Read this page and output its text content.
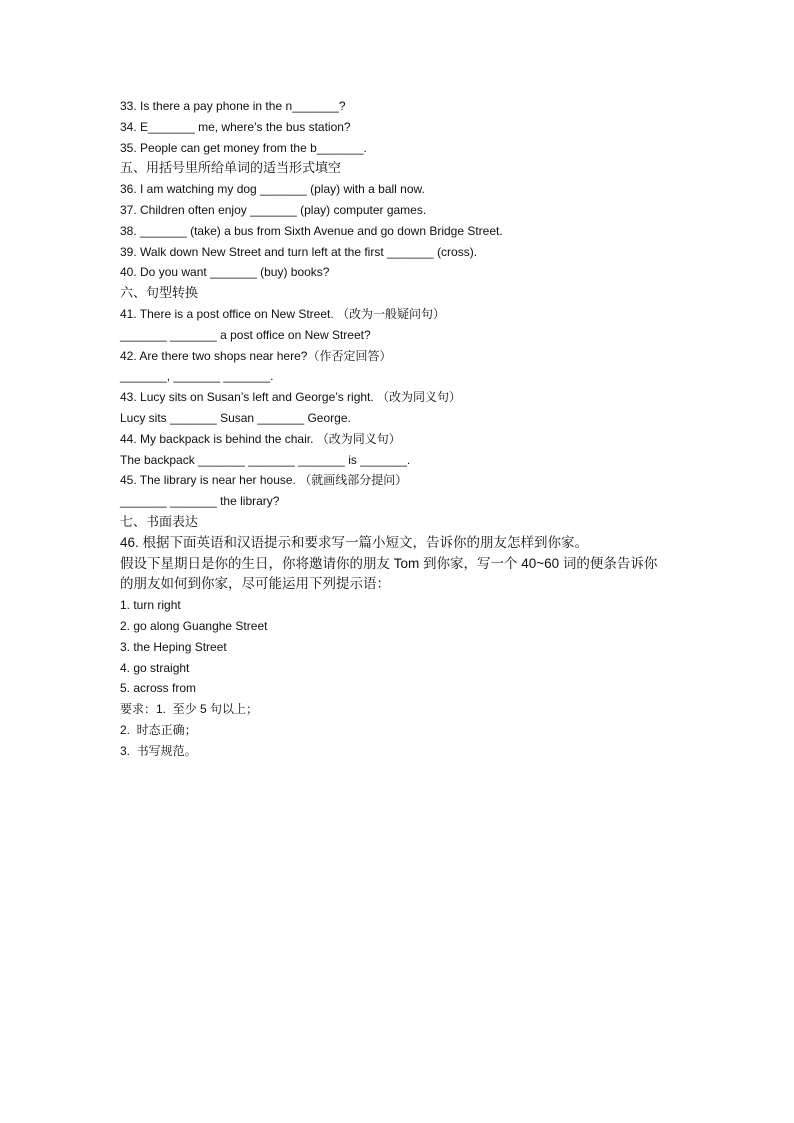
33. Is there a pay phone in the n_______?
34. E_______ me, where’s the bus station?
35. People can get money from the b_______.
五、用括号里所给单词的适当形式填空
36. I am watching my dog _______ (play) with a ball now.
37. Children often enjoy _______ (play) computer games.
38. _______ (take) a bus from Sixth Avenue and go down Bridge Street.
39. Walk down New Street and turn left at the first _______ (cross).
40. Do you want _______ (buy) books?
六、句型转换
41. There is a post office on New Street. （改为一般疑问句）
_______ _______ a post office on New Street?
42. Are there two shops near here?（作否定回答）
_______, _______ _______.
43. Lucy sits on Susan’s left and George’s right. （改为同义句）
Lucy sits _______ Susan _______ George.
44. My backpack is behind the chair. （改为同义句）
The backpack _______ _______ _______ is _______.
45. The library is near her house. （就画线部分提问）
_______ _______ the library?
七、书面表达
46. 根据下面英语和汉语提示和要求写一篇小短文，告诉你的朋友怎样到你家。
假设下星期日是你的生日，你将邀请你的朋友 Tom 到你家，写一个 40~60 词的便条告诉你
的朋友如何到你家，尽可能运用下列提示语：
1. turn right
2. go along Guanghe Street
3. the Heping Street
4. go straight
5. across from
要求：1.  至少 5 句以上；
2.  时态正确；
3.  书写规范。
